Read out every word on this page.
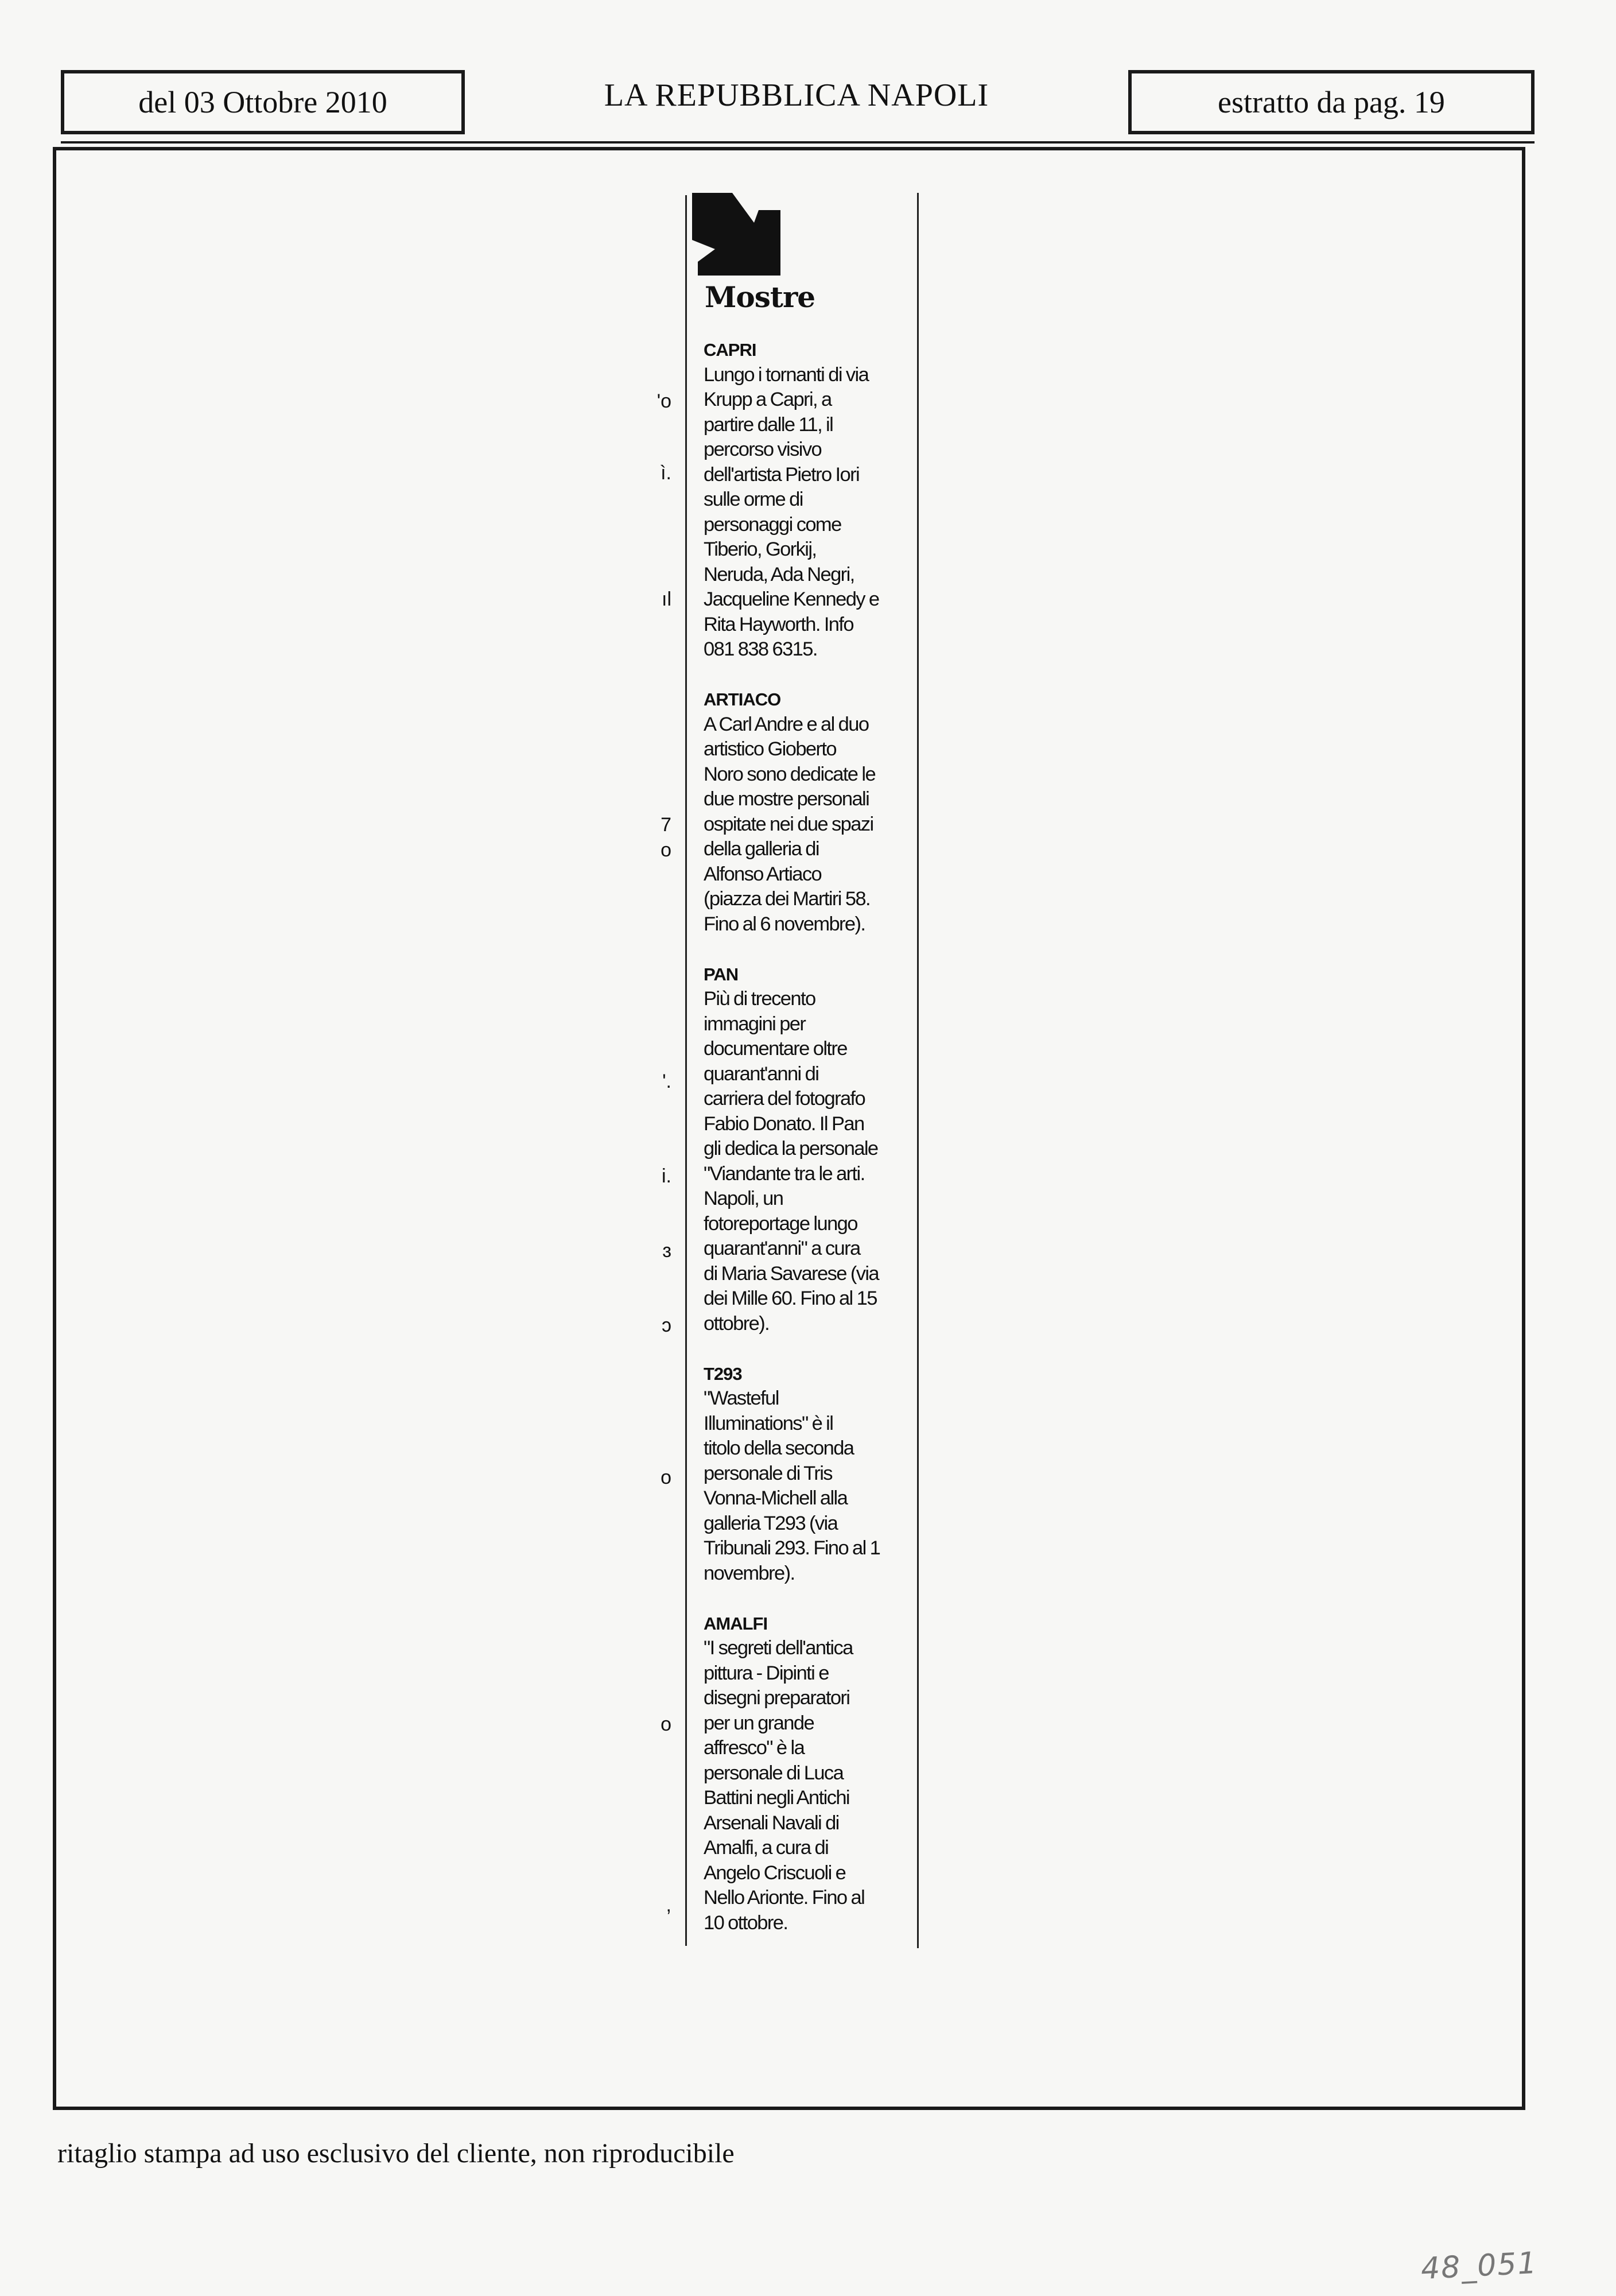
del 03 Ottobre 2010	LA REPUBBLICA NAPOLI	estratto da pag. 19
Mostre
CAPRI
Lungo i tornanti di via
Krupp a Capri, a
partire dalle 11, il
percorso visivo
dell'artista Pietro Iori
sulle orme di
personaggi come
Tiberio, Gorkij,
Neruda, Ada Negri,
Jacqueline Kennedy e
Rita Hayworth. Info
081 838 6315.
ARTIACO
A Carl Andre e al duo
artistico Gioberto
Noro sono dedicate le
due mostre personali
ospitate nei due spazi
della galleria di
Alfonso Artiaco
(piazza dei Martiri 58.
Fino al 6 novembre).
PAN
Più di trecento
immagini per
documentare oltre
quarant'anni di
carriera del fotografo
Fabio Donato. Il Pan
gli dedica la personale
"Viandante tra le arti.
Napoli, un
fotoreportage lungo
quarant'anni" a cura
di Maria Savarese (via
dei Mille 60. Fino al 15
ottobre).
T293
"Wasteful
Illuminations" è il
titolo della seconda
personale di Tris
Vonna-Michell alla
galleria T293 (via
Tribunali 293. Fino al 1
novembre).
AMALFI
"I segreti dell'antica
pittura - Dipinti e
disegni preparatori
per un grande
affresco" è la
personale di Luca
Battini negli Antichi
Arsenali Navali di
Amalfi, a cura di
Angelo Criscuoli e
Nello Arionte. Fino al
10 ottobre.
'o
ì.
ıl
7
o
'.
i.
ɜ
ɔ
o
o
,
ritaglio stampa ad uso esclusivo del cliente, non riproducibile
48_051
